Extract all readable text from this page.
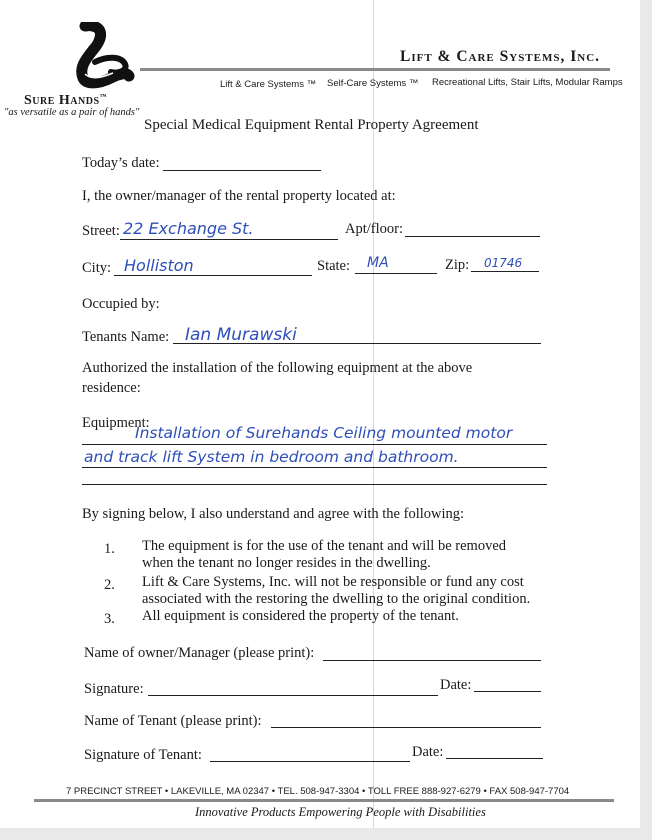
Sure Hands™
"as versatile as a pair of hands"
Lift & Care Systems, Inc.
Lift & Care Systems ™ Self-Care Systems ™ Recreational Lifts, Stair Lifts, Modular Ramps
Special Medical Equipment Rental Property Agreement
Today’s date:
I, the owner/manager of the rental property located at:
Street: 22 Exchange St.	Apt/floor:
City: Holliston	State: MA	Zip: 01746
Occupied by:
Tenants Name: Ian Murawski
Authorized the installation of the following equipment at the above
residence:
Equipment:
Installation of Surehands Ceiling mounted motor
and track lift System in bedroom and bathroom.
By signing below, I also understand and agree with the following:
1. The equipment is for the use of the tenant and will be removed
when the tenant no longer resides in the dwelling.
2. Lift & Care Systems, Inc. will not be responsible or fund any cost
associated with the restoring the dwelling to the original condition.
3. All equipment is considered the property of the tenant.
Name of owner/Manager (please print):
Signature:	Date:
Name of Tenant (please print):
Signature of Tenant:	Date:
7 PRECINCT STREET • LAKEVILLE, MA 02347 • TEL. 508-947-3304 • TOLL FREE 888-927-6279 • FAX 508-947-7704
Innovative Products Empowering People with Disabilities
